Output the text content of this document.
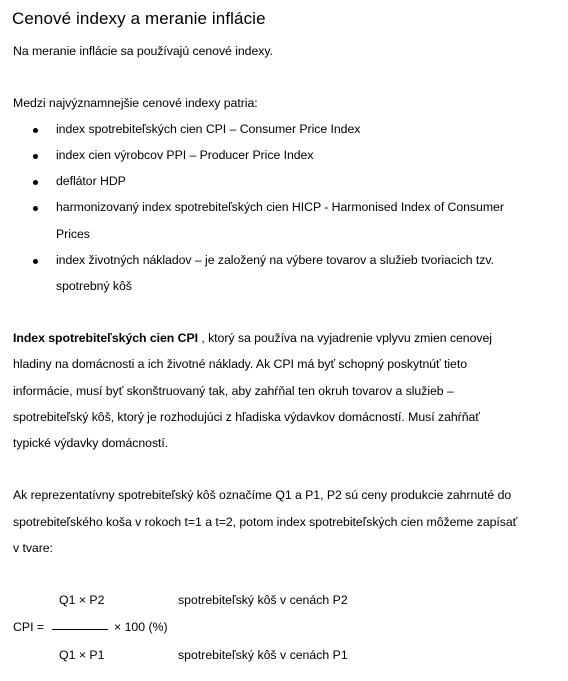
Cenové indexy a meranie inflácie
Na meranie inflácie sa používajú cenové indexy.
Medzi najvýznamnejšie cenové indexy patria:
index spotrebiteľských cien CPI – Consumer Price Index
index cien výrobcov PPI – Producer Price Index
deflátor HDP
harmonizovaný index spotrebiteľských cien HICP - Harmonised Index of Consumer
Prices
index životných nákladov – je založený na výbere tovarov a služieb tvoriacich tzv.
spotrebný kôš
Index spotrebiteľských cien CPI , ktorý sa používa na vyjadrenie vplyvu zmien cenovej
hladiny na domácnosti a ich životné náklady. Ak CPI má byť schopný poskytnúť tieto
informácie, musí byť skonštruovaný tak, aby zahŕňal ten okruh tovarov a služieb –
spotrebiteľský kôš, ktorý je rozhodujúci z hľadiska výdavkov domácností. Musí zahŕňať
typické výdavky domácností.
Ak reprezentatívny spotrebiteľský kôš označíme Q1 a P1, P2 sú ceny produkcie zahrnuté do
spotrebiteľského koša v rokoch t=1 a t=2, potom index spotrebiteľských cien môžeme zapísať
v tvare:
Q1 × P2	spotrebiteľský kôš v cenách P2
CPI =	× 100 (%)
Q1 × P1	spotrebiteľský kôš v cenách P1
